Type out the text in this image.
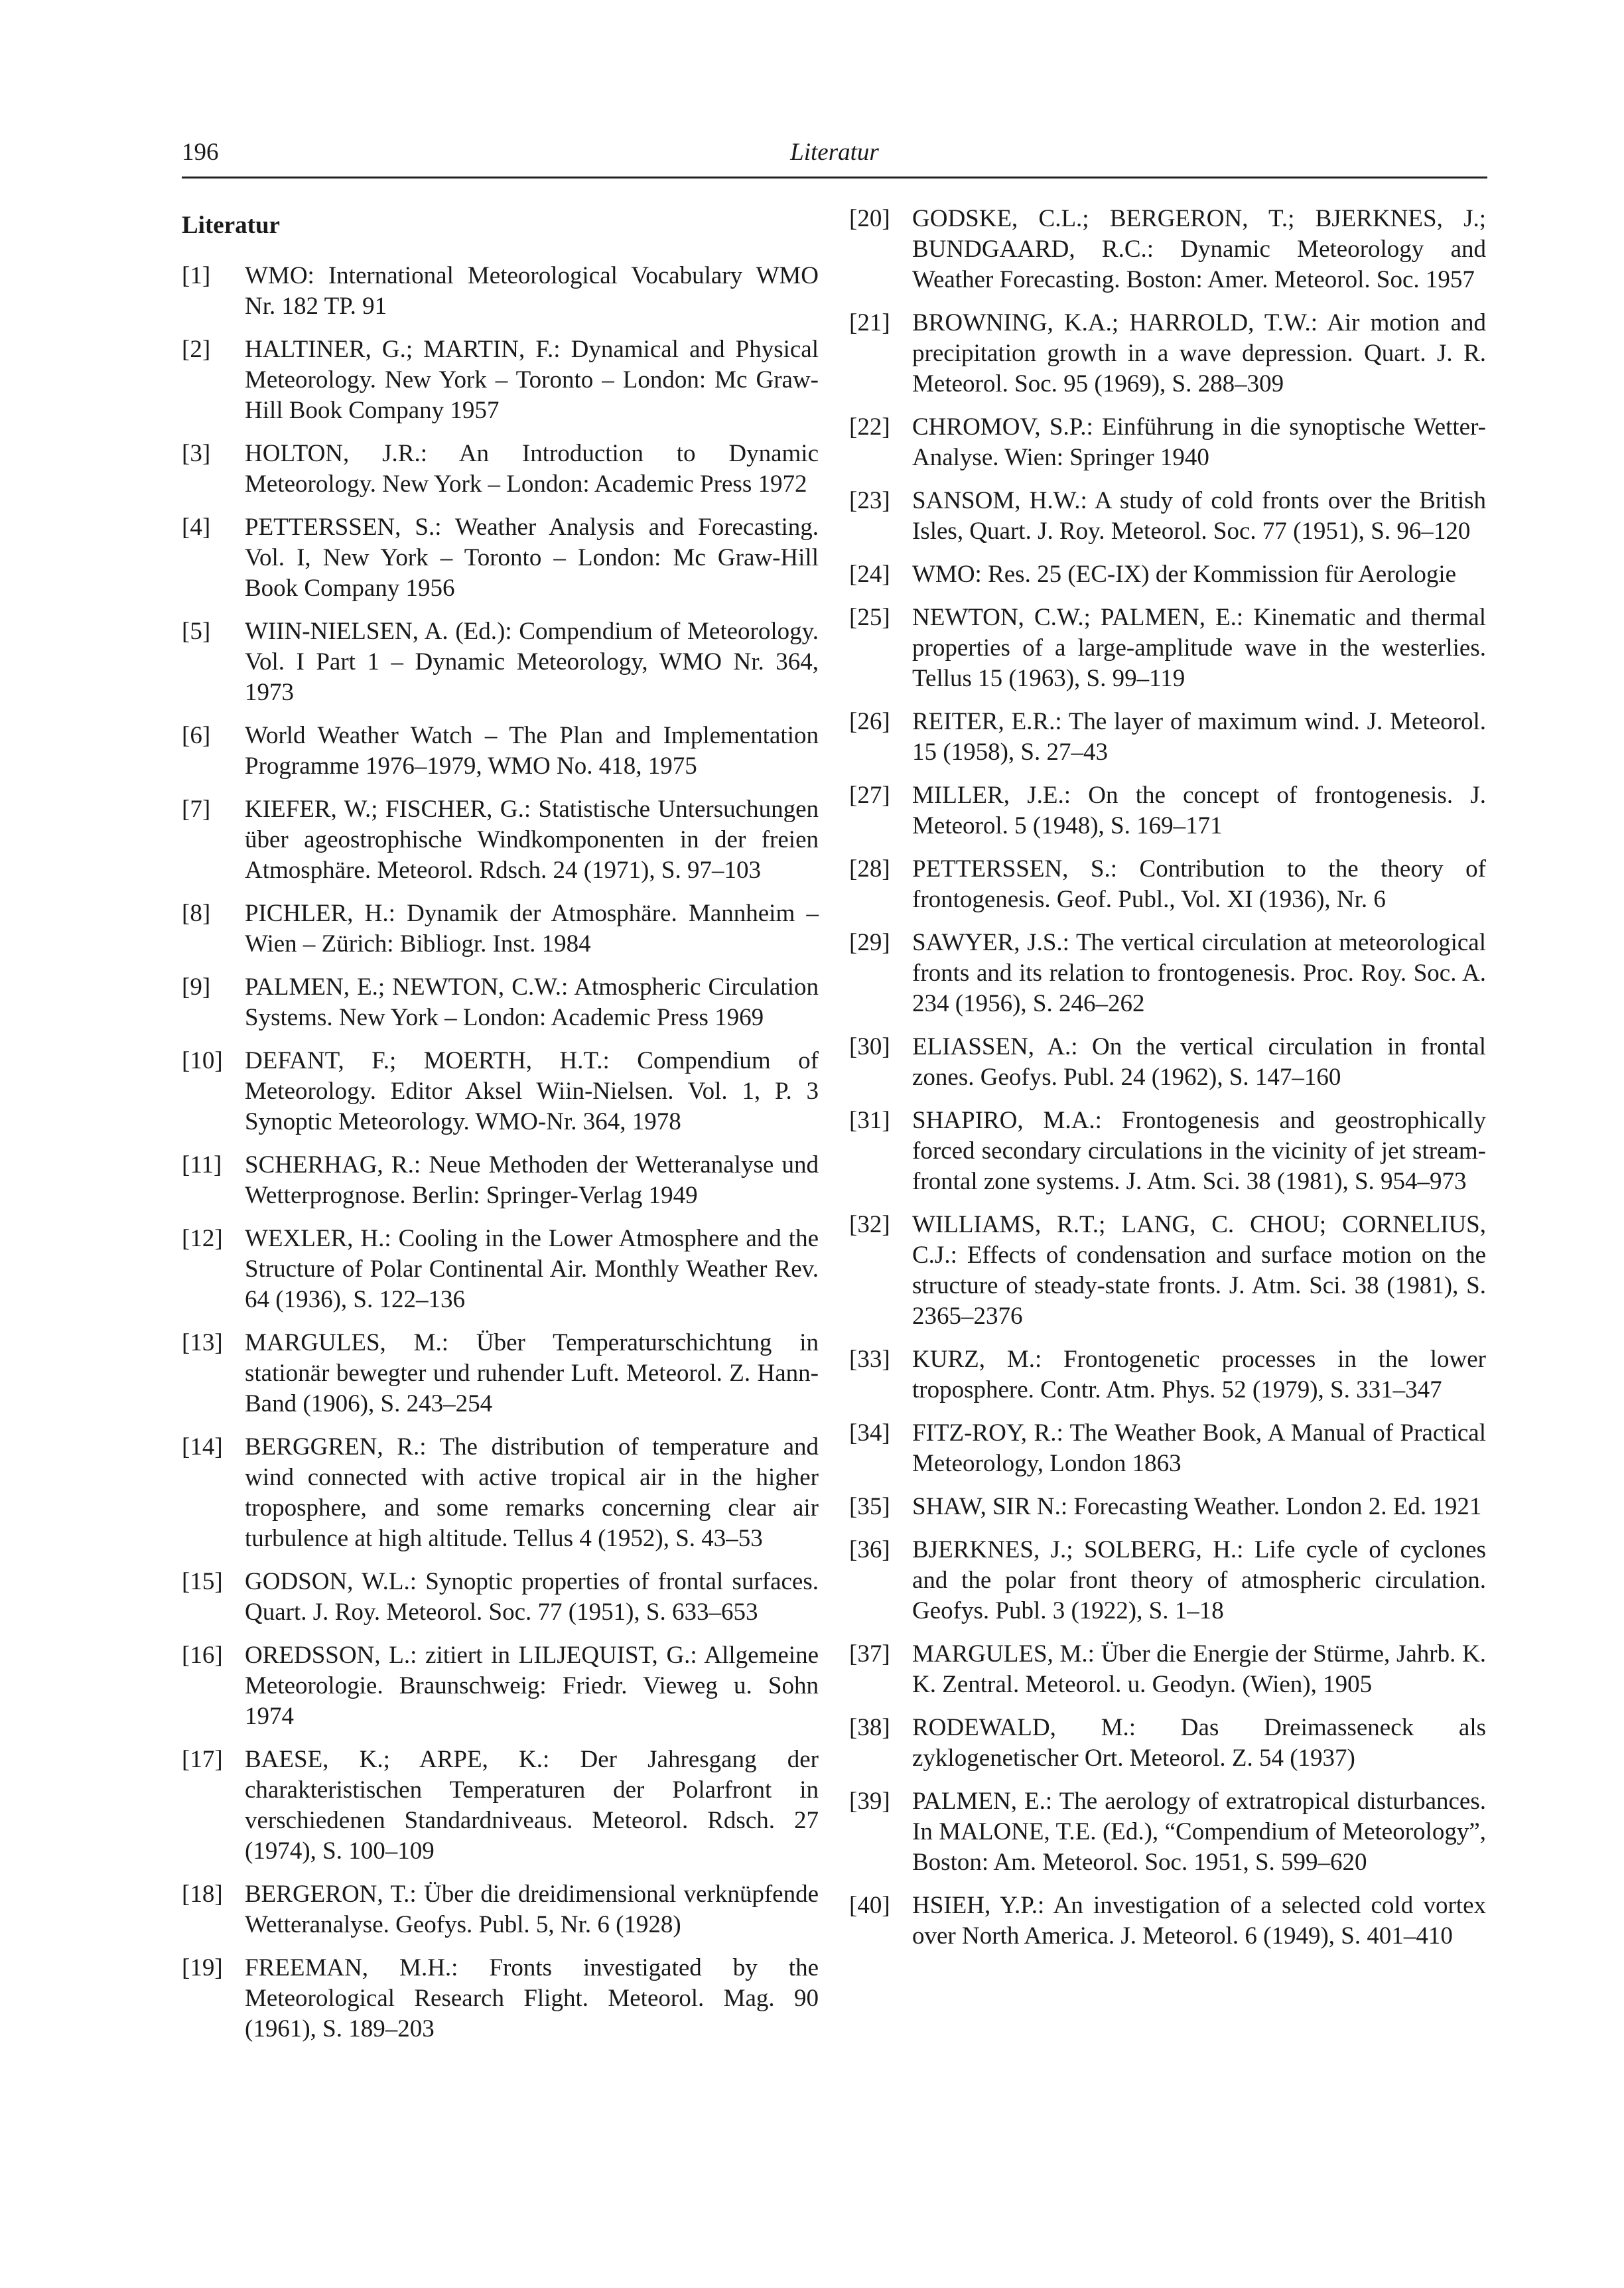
196	Literatur
Literatur
[1]	WMO: International Meteorological Vocabulary WMO Nr. 182 TP. 91
[2]	HALTINER, G.; MARTIN, F.: Dynamical and Physical Meteorology. New York – Toronto – London: Mc Graw-Hill Book Company 1957
[3]	HOLTON, J.R.: An Introduction to Dynamic Meteorology. New York – London: Academic Press 1972
[4]	PETTERSSEN, S.: Weather Analysis and Forecasting. Vol. I, New York – Toronto – London: Mc Graw-Hill Book Company 1956
[5]	WIIN-NIELSEN, A. (Ed.): Compendium of Meteorology. Vol. I Part 1 – Dynamic Meteorology, WMO Nr. 364, 1973
[6]	World Weather Watch – The Plan and Implementation Programme 1976–1979, WMO No. 418, 1975
[7]	KIEFER, W.; FISCHER, G.: Statistische Untersuchungen über ageostrophische Windkomponenten in der freien Atmosphäre. Meteorol. Rdsch. 24 (1971), S. 97–103
[8]	PICHLER, H.: Dynamik der Atmosphäre. Mannheim – Wien – Zürich: Bibliogr. Inst. 1984
[9]	PALMEN, E.; NEWTON, C.W.: Atmospheric Circulation Systems. New York – London: Academic Press 1969
[10] DEFANT, F.; MOERTH, H.T.: Compendium of Meteorology. Editor Aksel Wiin-Nielsen. Vol. 1, P. 3 Synoptic Meteorology. WMO-Nr. 364, 1978
[11] SCHERHAG, R.: Neue Methoden der Wetteranalyse und Wetterprognose. Berlin: Springer-Verlag 1949
[12] WEXLER, H.: Cooling in the Lower Atmosphere and the Structure of Polar Continental Air. Monthly Weather Rev. 64 (1936), S. 122–136
[13] MARGULES, M.: Über Temperaturschichtung in stationär bewegter und ruhender Luft. Meteorol. Z. Hann-Band (1906), S. 243–254
[14] BERGGREN, R.: The distribution of temperature and wind connected with active tropical air in the higher troposphere, and some remarks concerning clear air turbulence at high altitude. Tellus 4 (1952), S. 43–53
[15] GODSON, W.L.: Synoptic properties of frontal surfaces. Quart. J. Roy. Meteorol. Soc. 77 (1951), S. 633–653
[16] OREDSSON, L.: zitiert in LILJEQUIST, G.: Allgemeine Meteorologie. Braunschweig: Friedr. Vieweg u. Sohn 1974
[17] BAESE, K.; ARPE, K.: Der Jahresgang der charakteristischen Temperaturen der Polarfront in verschiedenen Standardniveaus. Meteorol. Rdsch. 27 (1974), S. 100–109
[18] BERGERON, T.: Über die dreidimensional verknüpfende Wetteranalyse. Geofys. Publ. 5, Nr. 6 (1928)
[19] FREEMAN, M.H.: Fronts investigated by the Meteorological Research Flight. Meteorol. Mag. 90 (1961), S. 189–203
[20] GODSKE, C.L.; BERGERON, T.; BJERKNES, J.; BUNDGAARD, R.C.: Dynamic Meteorology and Weather Forecasting. Boston: Amer. Meteorol. Soc. 1957
[21] BROWNING, K.A.; HARROLD, T.W.: Air motion and precipitation growth in a wave depression. Quart. J. R. Meteorol. Soc. 95 (1969), S. 288–309
[22] CHROMOV, S.P.: Einführung in die synoptische Wetter-Analyse. Wien: Springer 1940
[23] SANSOM, H.W.: A study of cold fronts over the British Isles, Quart. J. Roy. Meteorol. Soc. 77 (1951), S. 96–120
[24] WMO: Res. 25 (EC-IX) der Kommission für Aerologie
[25] NEWTON, C.W.; PALMEN, E.: Kinematic and thermal properties of a large-amplitude wave in the westerlies. Tellus 15 (1963), S. 99–119
[26] REITER, E.R.: The layer of maximum wind. J. Meteorol. 15 (1958), S. 27–43
[27] MILLER, J.E.: On the concept of frontogenesis. J. Meteorol. 5 (1948), S. 169–171
[28] PETTERSSEN, S.: Contribution to the theory of frontogenesis. Geof. Publ., Vol. XI (1936), Nr. 6
[29] SAWYER, J.S.: The vertical circulation at meteorological fronts and its relation to frontogenesis. Proc. Roy. Soc. A. 234 (1956), S. 246–262
[30] ELIASSEN, A.: On the vertical circulation in frontal zones. Geofys. Publ. 24 (1962), S. 147–160
[31] SHAPIRO, M.A.: Frontogenesis and geostrophically forced secondary circulations in the vicinity of jet stream-frontal zone systems. J. Atm. Sci. 38 (1981), S. 954–973
[32] WILLIAMS, R.T.; LANG, C. CHOU; CORNELIUS, C.J.: Effects of condensation and surface motion on the structure of steady-state fronts. J. Atm. Sci. 38 (1981), S. 2365–2376
[33] KURZ, M.: Frontogenetic processes in the lower troposphere. Contr. Atm. Phys. 52 (1979), S. 331–347
[34] FITZ-ROY, R.: The Weather Book, A Manual of Practical Meteorology, London 1863
[35] SHAW, SIR N.: Forecasting Weather. London 2. Ed. 1921
[36] BJERKNES, J.; SOLBERG, H.: Life cycle of cyclones and the polar front theory of atmospheric circulation. Geofys. Publ. 3 (1922), S. 1–18
[37] MARGULES, M.: Über die Energie der Stürme, Jahrb. K. K. Zentral. Meteorol. u. Geodyn. (Wien), 1905
[38] RODEWALD, M.: Das Dreimasseneck als zyklogenetischer Ort. Meteorol. Z. 54 (1937)
[39] PALMEN, E.: The aerology of extratropical disturbances. In MALONE, T.E. (Ed.), “Compendium of Meteorology”, Boston: Am. Meteorol. Soc. 1951, S. 599–620
[40] HSIEH, Y.P.: An investigation of a selected cold vortex over North America. J. Meteorol. 6 (1949), S. 401–410
